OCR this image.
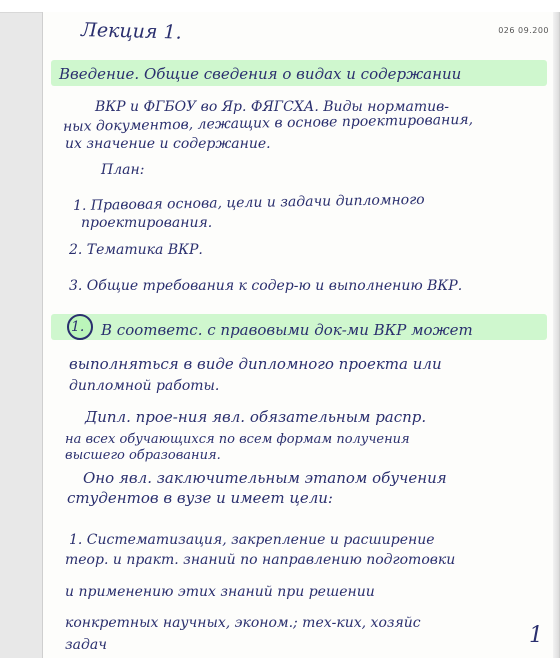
026 09.200
Лекция 1.
Введение. Общие сведения о видах и содержании
ВКР и ФГБОУ во Яр. ФЯГСХА. Виды норматив-
ных документов, лежащих в основе проектирования,
их значение и содержание.
План:
1. Правовая основа, цели и задачи дипломного
проектирования.
2. Тематика ВКР.
3. Общие требования к содер-ю и выполнению ВКР.
1. В соответс. с правовыми док-ми ВКР может
выполняться в виде дипломного проекта или
дипломной работы.
Дипл. проe-ния явл. обязательным распр.
на всех обучающихся по всем формам получения
высшего образования.
Оно явл. заключительным этапом обучения
студентов в вузе и имеет цели:
1. Систематизация, закрепление и расширение
теор. и практ. знаний по направлению подготовки
и применению этих знаний при решении
конкретных научных, эконом.; тех-ких, хозяйс
задач	1
